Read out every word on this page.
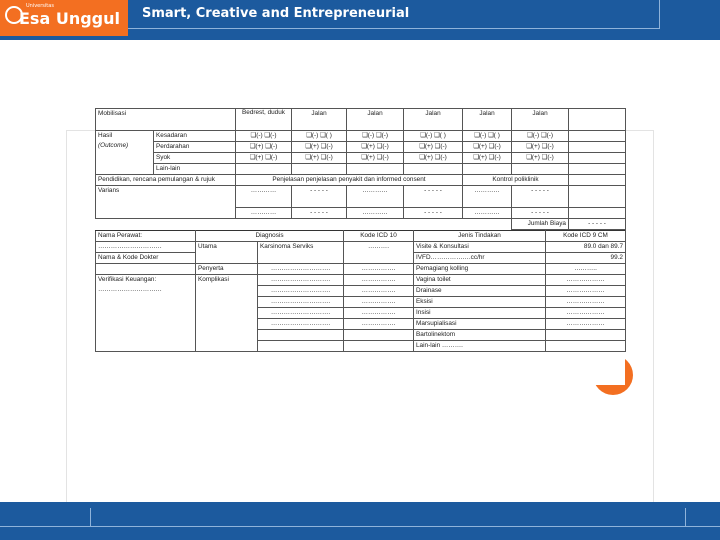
Universitas
Esa Unggul Smart, Creative and Entrepreneurial
Mobilisasi		Bedrest, duduk	Jalan	Jalan	Jalan	Jalan	Jalan	
Hasil
(Outcome)	Kesadaran	❑(-) ❑(-)	❑(-) ❑( )	❑(-) ❑(-)	❑(-) ❑( )	❑(-) ❑( )	❑(-) ❑(-)	
	Perdarahan	❑(+) ❑(-)	❑(+) ❑(-)	❑(+) ❑(-)	❑(+) ❑(-)	❑(+) ❑(-)	❑(+) ❑(-)	
	Syok	❑(+) ❑(-)	❑(+) ❑(-)	❑(+) ❑(-)	❑(+) ❑(-)	❑(+) ❑(-)	❑(+) ❑(-)	
	Lain-lain							
Pendidikan, rencana pemulangan & rujuk		Penjelasan penjelasan penyakit dan informed consent				Kontrol poliklinik		
Varians		…………	- - - - -	…………	- - - - -	…………	- - - - -	
		…………	- - - - -	…………	- - - - -	…………	- - - - -	
							Jumlah Biaya	- - - - -
Nama Perawat:	Diagnosis		Kode ICD 10	Jenis Tindakan	Kode ICD 9 CM
…………………………	Utama	Karsinoma Serviks	……….	Visite & Konsultasi	89.0 dan 89.7
Nama & Kode Dokter				IVFD……………….cc/hr	99.2
	Penyerta	……………………….	…………….	Pemagiang kolling	………..
Verifikasi Keuangan:
…………………………	Komplikasi	……………………….	…………….	Vagina toilet	………………
		……………………….	…………….	Drainase	………………
		……………………….	…………….	Eksisi	………………
		……………………….	…………….	Insisi	………………
		……………………….	…………….	Marsupialisasi	………………
				Bartolinektom	
				Lain-lain ……….	
